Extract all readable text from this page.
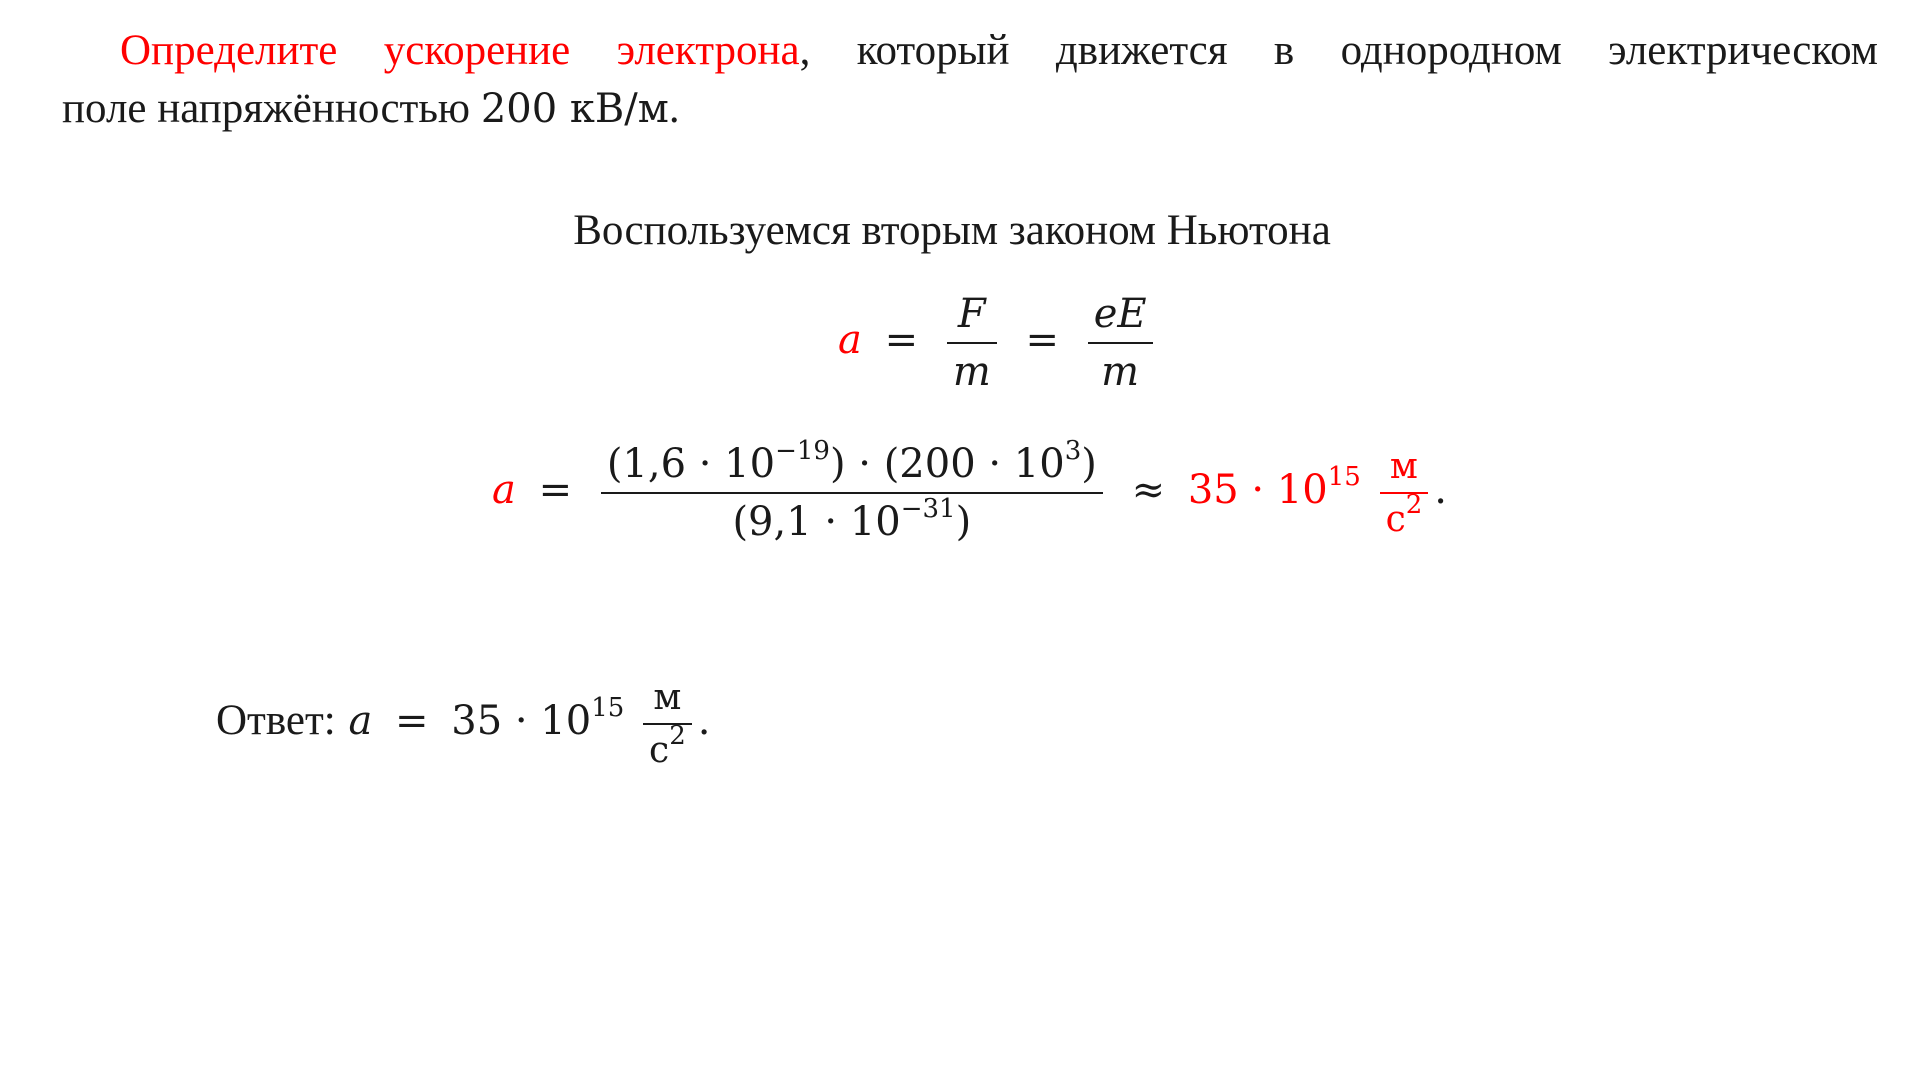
Определите ускорение электрона, который движется в однородном электрическом
поле напряжённостью 200 кВ/м.
Воспользуемся вторым законом Ньютона
$a = \frac{F}{m} = \frac{eE}{m}$
$a = \frac{(1,6 \cdot 10^{-19}) \cdot (200 \cdot 10^3)}{(9,1 \cdot 10^{-31})} \approx 35 \cdot 10^{15} \frac{м}{с^2}$ .
Ответ: $a = 35 \cdot 10^{15} \frac{м}{с^2}$ .
